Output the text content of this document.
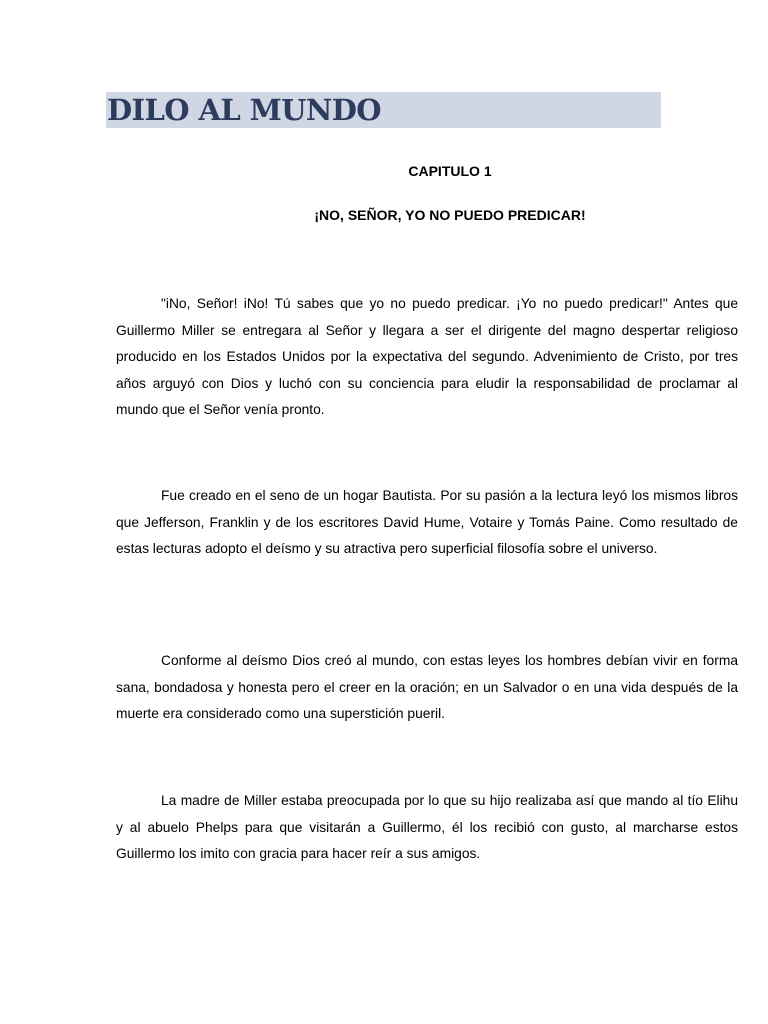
DILO AL MUNDO
CAPITULO 1
¡NO, SEÑOR, YO NO PUEDO PREDICAR!

"iNo, Señor! iNo! Tú sabes que yo no puedo predicar. ¡Yo no puedo predicar!" Antes que Guillermo Miller se entregara al Señor y llegara a ser el dirigente del magno despertar religioso producido en los Estados Unidos por la expectativa del segundo. Advenimiento de Cristo, por tres años arguyó con Dios y luchó con su conciencia para eludir la responsabilidad de proclamar al mundo que el Señor venía pronto.

Fue creado en el seno de un hogar Bautista. Por su pasión a la lectura leyó los mismos libros que Jefferson, Franklin y de los escritores David Hume, Votaire y Tomás Paine. Como resultado de estas lecturas adopto el deísmo y su atractiva pero superficial filosofía sobre el universo.

Conforme al deísmo Dios creó al mundo, con estas leyes los hombres debían vivir en forma sana, bondadosa y honesta pero el creer en la oración; en un Salvador o en una vida después de la muerte era considerado como una superstición pueril.

La madre de Miller estaba preocupada por lo que su hijo realizaba así que mando al tío Elihu y al abuelo Phelps para que visitarán a Guillermo, él los recibió con gusto, al marcharse estos Guillermo los imito con gracia para hacer reír a sus amigos.
